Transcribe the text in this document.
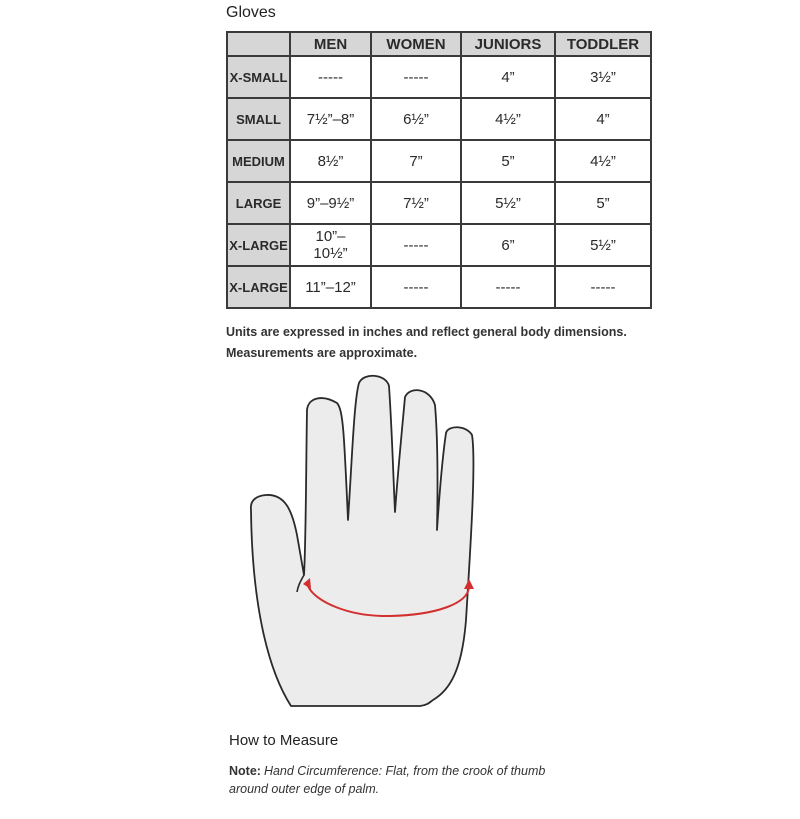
Gloves
	MEN	WOMEN	JUNIORS	TODDLER
X-SMALL	-----	-----	4”	3½”
SMALL	7½”–8”	6½”	4½”	4”
MEDIUM	8½”	7”	5”	4½”
LARGE	9”–9½”	7½”	5½”	5”
X-LARGE	10”– 10½”	-----	6”	5½”
X-LARGE	11”–12”	-----	-----	-----
Units are expressed in inches and reflect general body dimensions.
Measurements are approximate.
How to Measure
Note: Hand Circumference: Flat, from the crook of thumb around outer edge of palm.
